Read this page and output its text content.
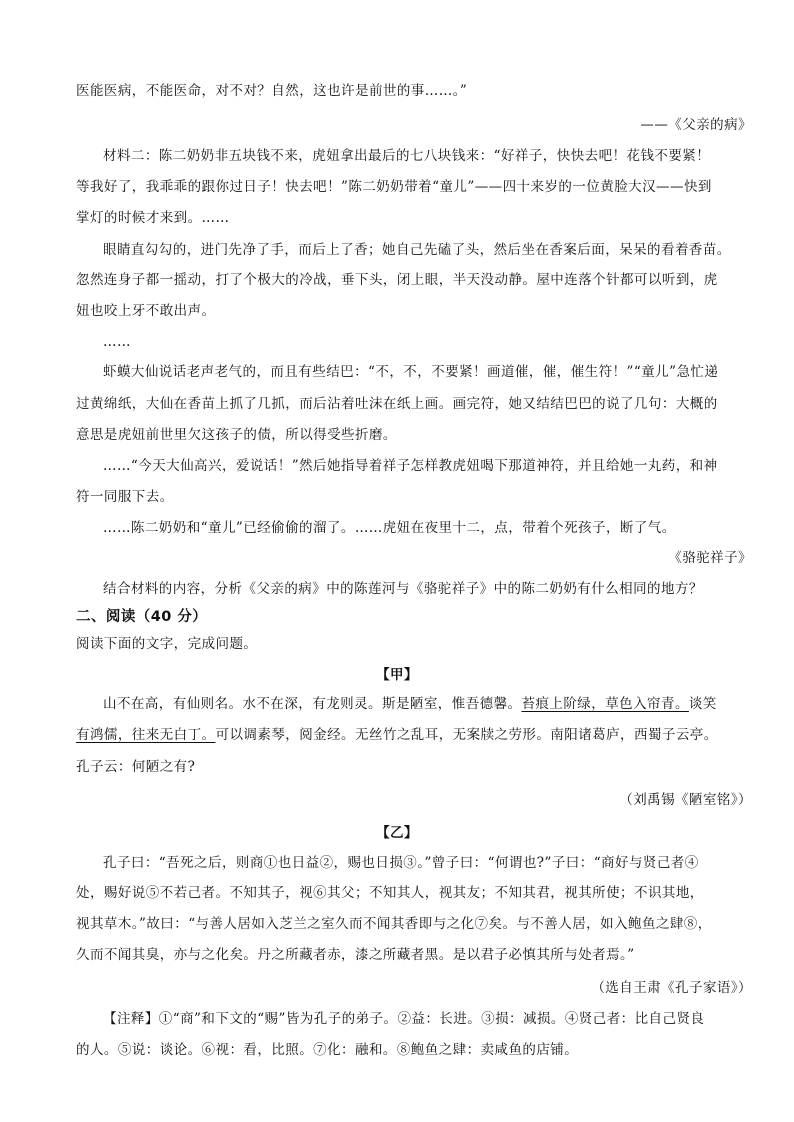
医能医病，不能医命，对不对？自然，这也许是前世的事……。”
——《父亲的病》
材料二：陈二奶奶非五块钱不来，虎妞拿出最后的七八块钱来：“好祥子，快快去吧！花钱不要紧！
等我好了，我乖乖的跟你过日子！快去吧！”陈二奶奶带着“童儿”——四十来岁的一位黄脸大汉——快到
掌灯的时候才来到。……
眼睛直勾勾的，进门先净了手，而后上了香；她自己先磕了头，然后坐在香案后面，呆呆的看着香苗。
忽然连身子都一摇动，打了个极大的冷战，垂下头，闭上眼，半天没动静。屋中连落个针都可以听到，虎
妞也咬上牙不敢出声。
……
虾蟆大仙说话老声老气的，而且有些结巴：“不，不，不要紧！画道催，催，催生符！”“童儿”急忙递
过黄绵纸，大仙在香苗上抓了几抓，而后沾着吐沫在纸上画。画完符，她又结结巴巴的说了几句：大概的
意思是虎妞前世里欠这孩子的债，所以得受些折磨。
……“今天大仙高兴，爱说话！”然后她指导着祥子怎样教虎妞喝下那道神符，并且给她一丸药，和神
符一同服下去。
……陈二奶奶和“童儿”已经偷偷的溜了。……虎妞在夜里十二，点，带着个死孩子，断了气。
《骆驼祥子》
结合材料的内容，分析《父亲的病》中的陈莲河与《骆驼祥子》中的陈二奶奶有什么相同的地方？
二、阅读（40 分）
阅读下面的文字，完成问题。
【甲】
山不在高，有仙则名。水不在深，有龙则灵。斯是陋室，惟吾德馨。苔痕上阶绿，草色入帘青。谈笑
有鸿儒，往来无白丁。可以调素琴，阅金经。无丝竹之乱耳，无案牍之劳形。南阳诸葛庐，西蜀子云亭。
孔子云：何陋之有?
（刘禹锡《陋室铭》）
【乙】
孔子曰：“吾死之后，则商①也日益②，赐也日损③。”曾子曰：“何谓也?”子曰：“商好与贤己者④
处，赐好说⑤不若己者。不知其子，视⑥其父；不知其人，视其友；不知其君，视其所使；不识其地，
视其草木。”故曰：“与善人居如入芝兰之室久而不闻其香即与之化⑦矣。与不善人居，如入鲍鱼之肆⑧，
久而不闻其臭，亦与之化矣。丹之所藏者赤，漆之所藏者黑。是以君子必慎其所与处者焉。”
（选自王肃《孔子家语》）
【注释】①“商”和下文的“赐”皆为孔子的弟子。②益：长进。③损：减损。④贤己者：比自己贤良
的人。⑤说：谈论。⑥视：看，比照。⑦化：融和。⑧鲍鱼之肆：卖咸鱼的店铺。
